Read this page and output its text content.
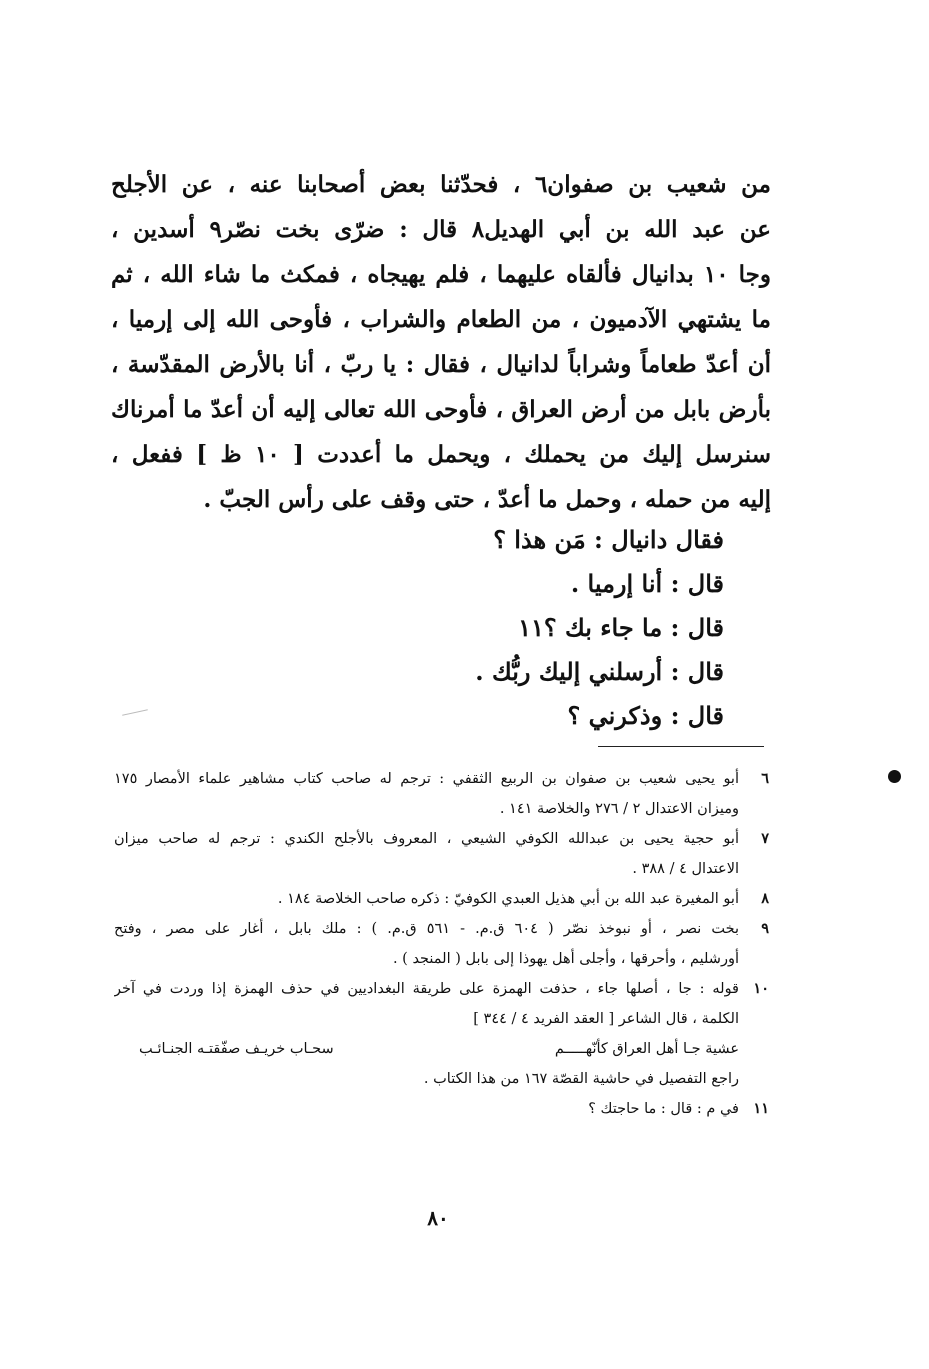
من شعيب بن صفوان٦ ، فحدّثنا بعض أصحابنا عنه ، عن الأجلح
عن عبد الله بن أبي الهديل٨ قال : ضرّى بخت نصّر٩ أسدين ،
وجا ١٠ بدانيال فألقاه عليهما ، فلم يهيجاه ، فمكث ما شاء الله ، ثم
ما يشتهي الآدميون ، من الطعام والشراب ، فأوحى الله إلى إرميا ،
أن أعدّ طعاماً وشراباً لدانيال ، فقال : يا ربّ ، أنا بالأرض المقدّسة ،
بأرض بابل من أرض العراق ، فأوحى الله تعالى إليه أن أعدّ ما أمرناك
سنرسل إليك من يحملك ، ويحمل ما أعددت [ ١٠ ظ ] ففعل ،
إليه من حمله ، وحمل ما أعدّ ، حتى وقف على رأس الجبّ .
فقال دانيال : مَن هذا ؟
قال : أنا إرميا .
قال : ما جاء بك ؟١١
قال : أرسلني إليك ربُّك .
قال : وذكرني ؟
٦
أبو يحيى شعيب بن صفوان بن الربيع الثقفي : ترجم له صاحب كتاب مشاهير علماء الأمصار ١٧٥
وميزان الاعتدال ٢ / ٢٧٦ والخلاصة ١٤١ .
٧
أبو حجية يحيى بن عبدالله الكوفي الشيعي ، المعروف بالأجلح الكندي : ترجم له صاحب ميزان
الاعتدال ٤ / ٣٨٨ .
٨
أبو المغيرة عبد الله بن أبي هذيل العبدي الكوفيّ : ذكره صاحب الخلاصة ١٨٤ .
٩
بخت نصر ، أو نبوخذ نصّر ( ٦٠٤ ق.م. - ٥٦١ ق.م. ) : ملك بابل ، أغار على مصر ، وفتح
أورشليم ، وأحرقها ، وأجلى أهل يهوذا إلى بابل ( المنجد ) .
١٠
قوله : جا ، أصلها جاء ، حذفت الهمزة على طريقة البغداديين في حذف الهمزة إذا وردت في آخر
الكلمة ، قال الشاعر [ العقد الفريد ٤ / ٣٤٤ ]
عشية جـا أهل العراق كأنّهـــــم
سحـاب خريـف صفّقتـه الجنـائـب
راجع التفصيل في حاشية القصّة ١٦٧ من هذا الكتاب .
١١
في م : قال : ما حاجتك ؟
٨٠
